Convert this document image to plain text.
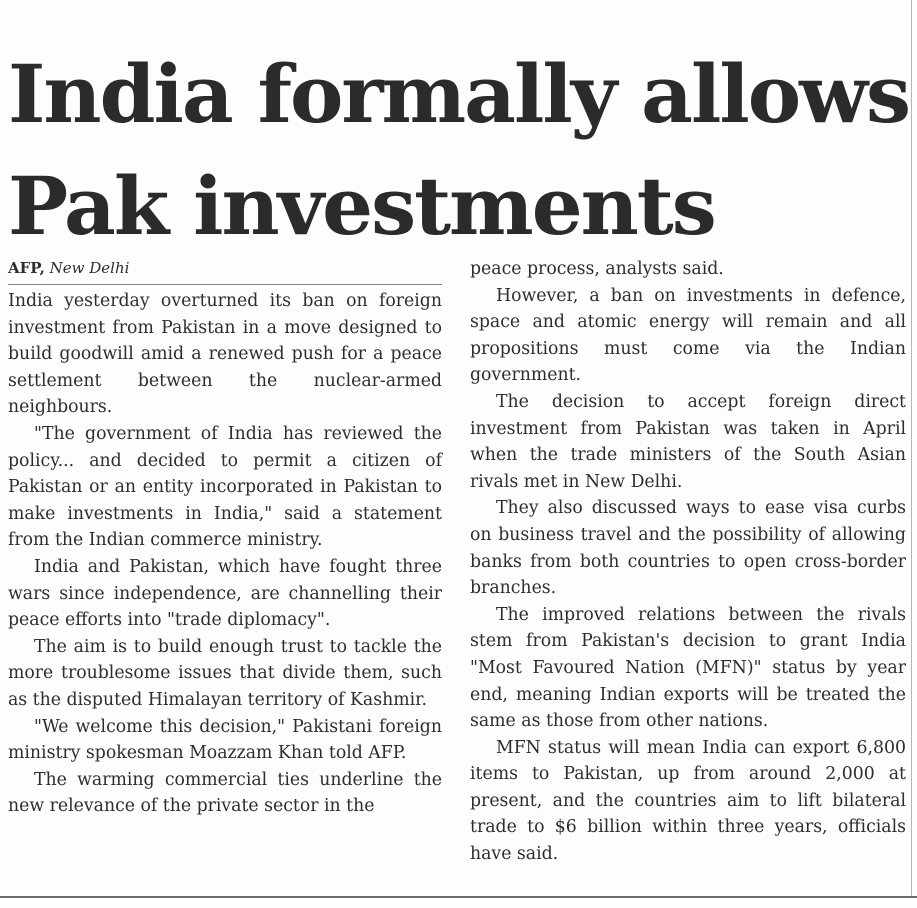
India formally allows
Pak investments
AFP, New Delhi

India yesterday overturned its ban on foreign investment from Pakistan in a move designed to build goodwill amid a renewed push for a peace settlement between the nuclear-armed neighbours.

"The government of India has reviewed the policy... and decided to permit a citizen of Pakistan or an entity incorporated in Pakistan to make investments in India," said a statement from the Indian commerce ministry.

India and Pakistan, which have fought three wars since independence, are channelling their peace efforts into "trade diplomacy".

The aim is to build enough trust to tackle the more troublesome issues that divide them, such as the disputed Himalayan territory of Kashmir.

"We welcome this decision," Pakistani foreign ministry spokesman Moazzam Khan told AFP.

The warming commercial ties underline the new relevance of the private sector in the

peace process, analysts said.

However, a ban on investments in defence, space and atomic energy will remain and all propositions must come via the Indian government.

The decision to accept foreign direct investment from Pakistan was taken in April when the trade ministers of the South Asian rivals met in New Delhi.

They also discussed ways to ease visa curbs on business travel and the possibility of allowing banks from both countries to open cross-border branches.

The improved relations between the rivals stem from Pakistan's decision to grant India "Most Favoured Nation (MFN)" status by year end, meaning Indian exports will be treated the same as those from other nations.

MFN status will mean India can export 6,800 items to Pakistan, up from around 2,000 at present, and the countries aim to lift bilateral trade to $6 billion within three years, officials have said.
